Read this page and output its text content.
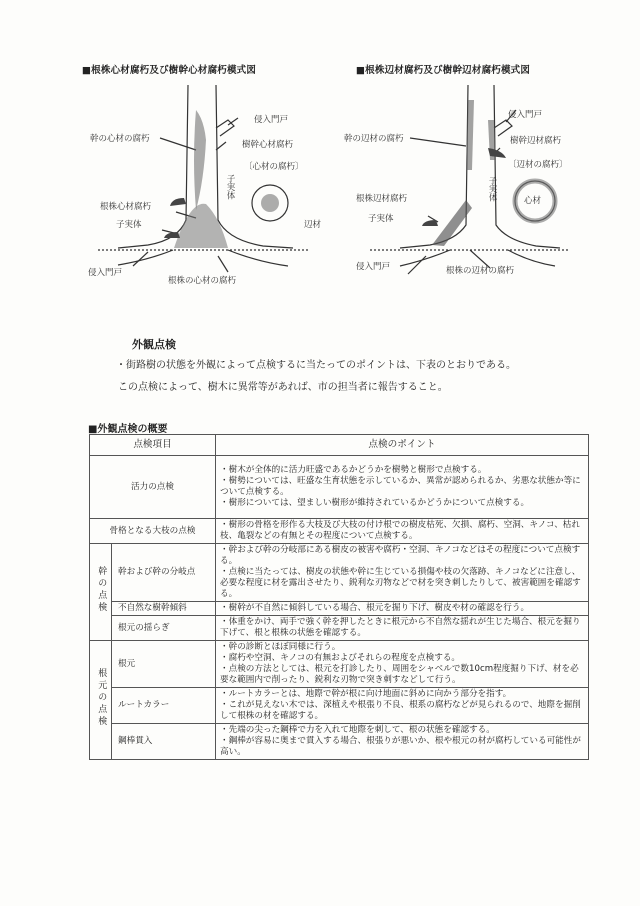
■根株心材腐朽及び樹幹心材腐朽模式図	■根株辺材腐朽及び樹幹辺材腐朽模式図
侵入門戸
幹の心材の腐朽
樹幹心材腐朽
〔心材の腐朽〕
子実体
根株心材腐朽
子実体	辺材
侵入門戸
根株の心材の腐朽
侵入門戸
幹の辺材の腐朽	樹幹辺材腐朽
〔辺材の腐朽〕
子実体
根株辺材腐朽
子実体
心材
侵入門戸	根株の辺材の腐朽
外観点検
・街路樹の状態を外観によって点検するに当たってのポイントは、下表のとおりである。
この点検によって、樹木に異常等があれば、市の担当者に報告すること。
■外観点検の概要
点検項目		点検のポイント
活力の点検		・樹木が全体的に活力旺盛であるかどうかを樹勢と樹形で点検する。
・樹勢については、旺盛な生育状態を示しているか、異常が認められるか、劣悪な状態か等について点検する。
・樹形については、望ましい樹形が維持されているかどうかについて点検する。

骨格となる大枝の点検		・樹形の骨格を形作る大枝及び大枝の付け根での樹皮枯死、欠損、腐朽、空洞、キノコ、枯れ枝、亀裂などの有無とその程度について点検する。

幹の点検	幹および幹の分岐点	・幹および幹の分岐部にある樹皮の被害や腐朽・空洞、キノコなどはその程度について点検する。
・点検に当たっては、樹皮の状態や幹に生じている損傷や枝の欠落跡、キノコなどに注意し、必要な程度に材を露出させたり、鋭利な刃物などで材を突き刺したりして、被害範囲を確認する。

	不自然な樹幹傾斜	・樹幹が不自然に傾斜している場合、根元を掘り下げ、樹皮や材の確認を行う。

	根元の揺らぎ	・体重をかけ、両手で強く幹を押したときに根元から不自然な揺れが生じた場合、根元を掘り下げて、根と根株の状態を確認する。

根元の点検	根元	・幹の診断とほぼ同様に行う。
・腐朽や空洞、キノコの有無およびそれらの程度を点検する。
・点検の方法としては、根元を打診したり、周囲をシャベルで数10cm程度掘り下げ、材を必要な範囲内で削ったり、鋭利な刃物で突き刺すなどして行う。

	ルートカラー	・ルートカラーとは、地際で幹が根に向け地面に斜めに向かう部分を指す。
・これが見えない木では、深植えや根張り不良、根系の腐朽などが見られるので、地際を掘削して根株の材を確認する。

	鋼棒貫入	・先端の尖った鋼棒で力を入れて地際を刺して、根の状態を確認する。
・鋼棒が容易に奥まで貫入する場合、根張りが悪いか、根や根元の材が腐朽している可能性が高い。
